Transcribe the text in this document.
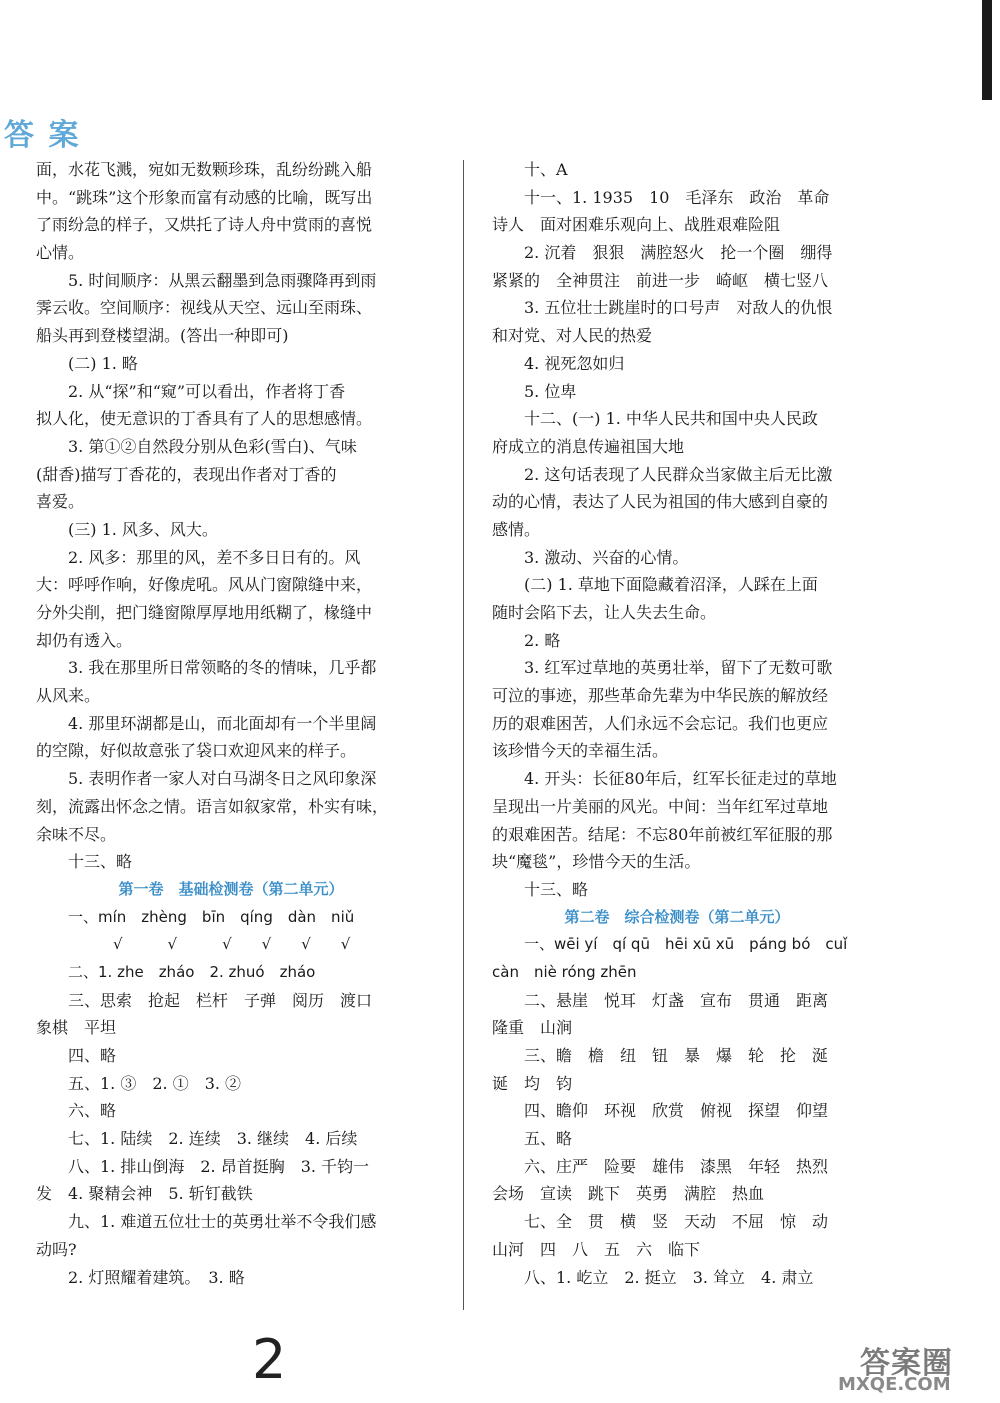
答 案
面，水花飞溅，宛如无数颗珍珠，乱纷纷跳入船
中。“跳珠”这个形象而富有动感的比喻，既写出
了雨纷急的样子，又烘托了诗人舟中赏雨的喜悦
心情。
5. 时间顺序：从黑云翻墨到急雨骤降再到雨
霁云收。空间顺序：视线从天空、远山至雨珠、
船头再到登楼望湖。(答出一种即可)
(二) 1. 略
2. 从“探”和“窥”可以看出，作者将丁香
拟人化，使无意识的丁香具有了人的思想感情。
3. 第①②自然段分别从色彩(雪白)、气味
(甜香)描写丁香花的，表现出作者对丁香的
喜爱。
(三) 1. 风多、风大。
2. 风多：那里的风，差不多日日有的。风
大：呼呼作响，好像虎吼。风从门窗隙缝中来，
分外尖削，把门缝窗隙厚厚地用纸糊了，椽缝中
却仍有透入。
3. 我在那里所日常领略的冬的情味，几乎都
从风来。
4. 那里环湖都是山，而北面却有一个半里阔
的空隙，好似故意张了袋口欢迎风来的样子。
5. 表明作者一家人对白马湖冬日之风印象深
刻，流露出怀念之情。语言如叙家常，朴实有味，
余味不尽。
十三、略
第一卷　基础检测卷（第二单元）
一、mín　zhèng　bīn　qíng　dàn　niǔ
　　　√　　　√　　　√　　√　　√　　√
二、1. zhe　zháo　2. zhuó　zháo
三、思索　抢起　栏杆　子弹　阅历　渡口
象棋　平坦
四、略
五、1. ③　2. ①　3. ②
六、略
七、1. 陆续　2. 连续　3. 继续　4. 后续
八、1. 排山倒海　2. 昂首挺胸　3. 千钧一
发　4. 聚精会神　5. 斩钉截铁
九、1. 难道五位壮士的英勇壮举不令我们感
动吗?
2. 灯照耀着建筑。　3. 略
十、A
十一、1. 1935　10　毛泽东　政治　革命
诗人　面对困难乐观向上、战胜艰难险阻
2. 沉着　狠狠　满腔怒火　抡一个圈　绷得
紧紧的　全神贯注　前进一步　崎岖　横七竖八
3. 五位壮士跳崖时的口号声　对敌人的仇恨
和对党、对人民的热爱
4. 视死忽如归
5. 位卑
十二、(一) 1. 中华人民共和国中央人民政
府成立的消息传遍祖国大地
2. 这句话表现了人民群众当家做主后无比激
动的心情，表达了人民为祖国的伟大感到自豪的
感情。
3. 激动、兴奋的心情。
(二) 1. 草地下面隐藏着沼泽，人踩在上面
随时会陷下去，让人失去生命。
2. 略
3. 红军过草地的英勇壮举，留下了无数可歌
可泣的事迹，那些革命先辈为中华民族的解放经
历的艰难困苦，人们永远不会忘记。我们也更应
该珍惜今天的幸福生活。
4. 开头：长征80年后，红军长征走过的草地
呈现出一片美丽的风光。中间：当年红军过草地
的艰难困苦。结尾：不忘80年前被红军征服的那
块“魔毯”，珍惜今天的生活。
十三、略
第二卷　综合检测卷（第二单元）
一、wēi yí　qí qū　hēi xū xū　páng bó　cuǐ
càn　niè róng zhēn
二、悬崖　悦耳　灯盏　宣布　贯通　距离
隆重　山涧
三、瞻　檐　纽　钮　暴　爆　轮　抡　涎
诞　均　钧
四、瞻仰　环视　欣赏　俯视　探望　仰望
五、略
六、庄严　险要　雄伟　漆黑　年轻　热烈
会场　宣读　跳下　英勇　满腔　热血
七、全　贯　横　竖　天动　不屈　惊　动
山河　四　八　五　六　临下
八、1. 屹立　2. 挺立　3. 耸立　4. 肃立
2	答案圈
MXQE.COM
